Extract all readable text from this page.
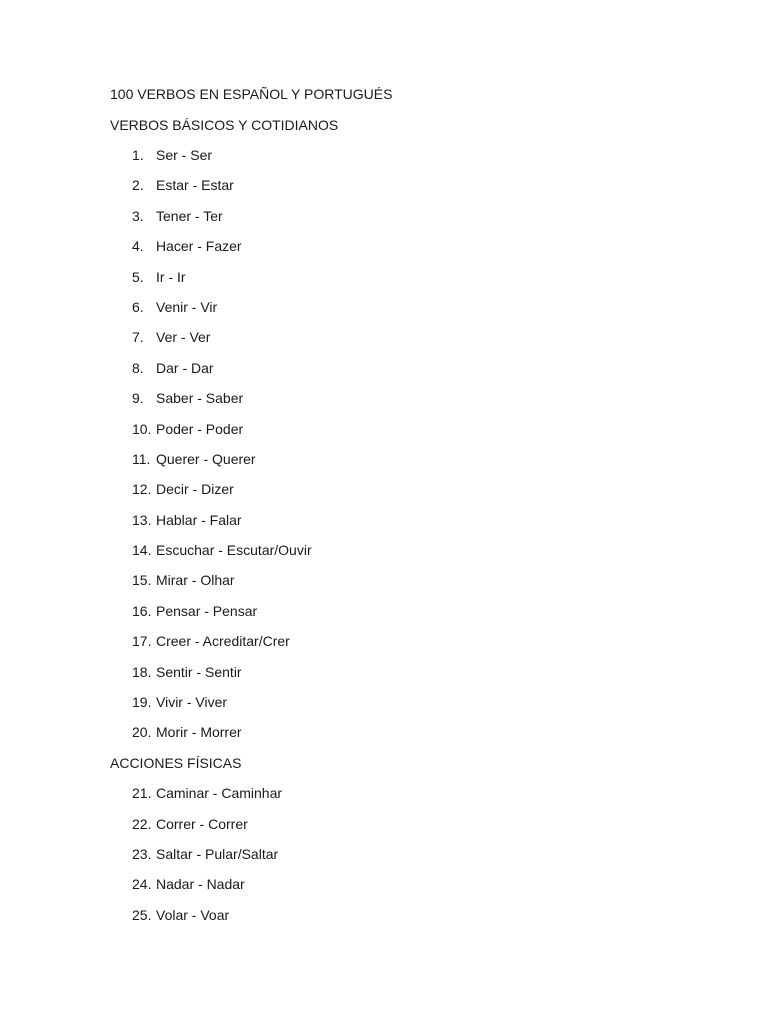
100 VERBOS EN ESPAÑOL Y PORTUGUÉS
VERBOS BÁSICOS Y COTIDIANOS
1. Ser - Ser
2. Estar - Estar
3. Tener - Ter
4. Hacer - Fazer
5. Ir - Ir
6. Venir - Vir
7. Ver - Ver
8. Dar - Dar
9. Saber - Saber
10. Poder - Poder
11. Querer - Querer
12. Decir - Dizer
13. Hablar - Falar
14. Escuchar - Escutar/Ouvir
15. Mirar - Olhar
16. Pensar - Pensar
17. Creer - Acreditar/Crer
18. Sentir - Sentir
19. Vivir - Viver
20. Morir - Morrer
ACCIONES FÍSICAS
21. Caminar - Caminhar
22. Correr - Correr
23. Saltar - Pular/Saltar
24. Nadar - Nadar
25. Volar - Voar
